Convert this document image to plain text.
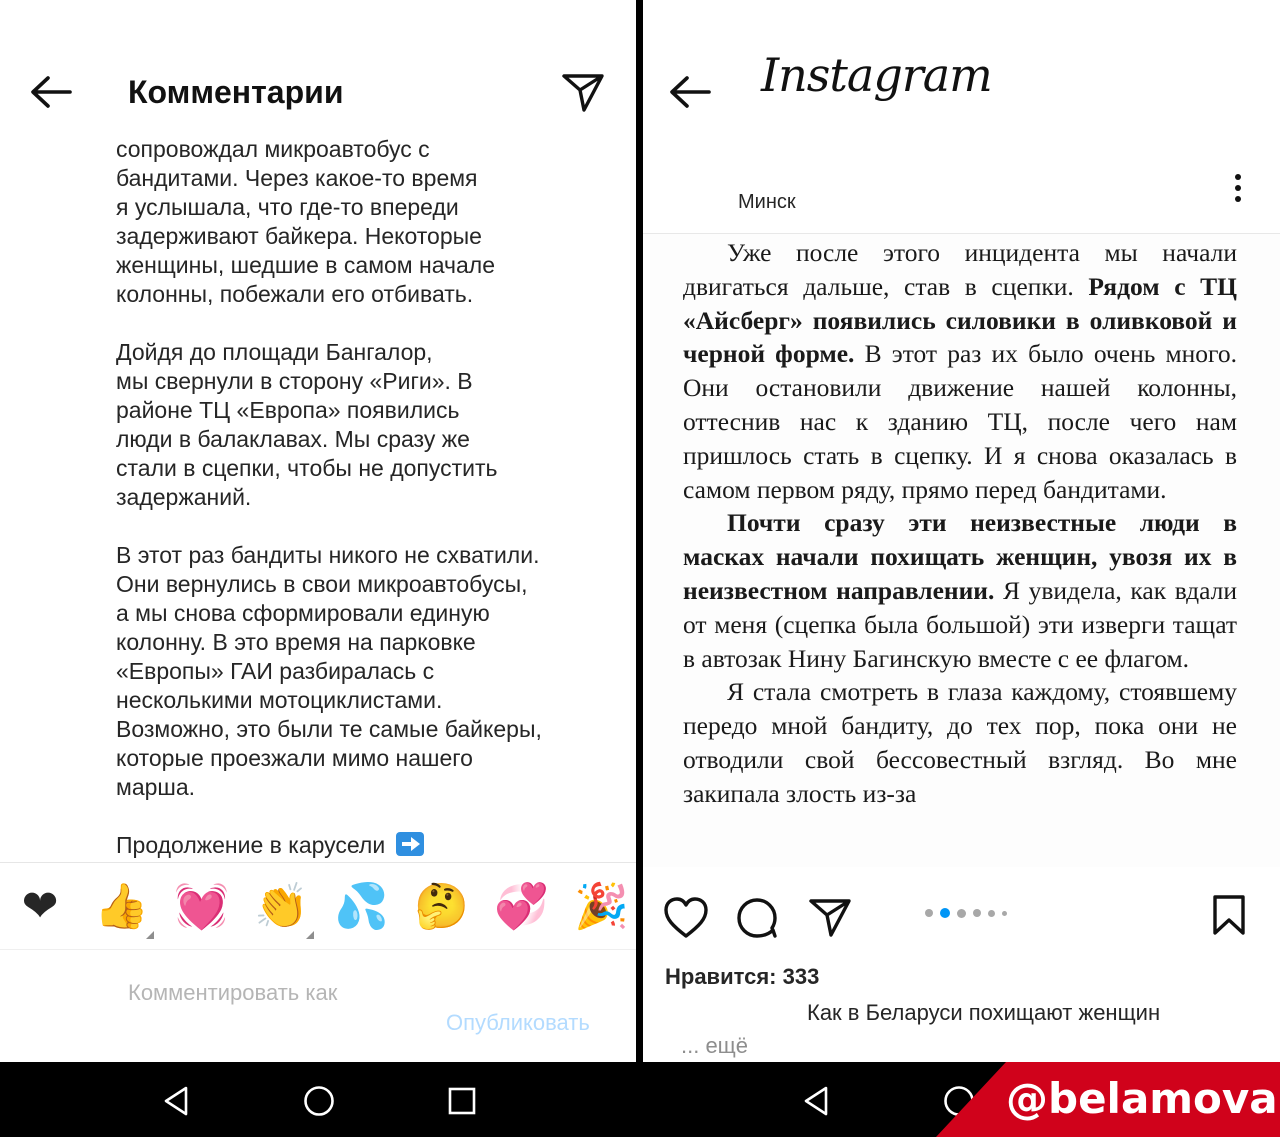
Комментарии

сопровождал микроавтобус с
бандитами. Через какое-то время
я услышала, что где-то впереди
задерживают байкера. Некоторые
женщины, шедшие в самом начале
колонны, побежали его отбивать.

Дойдя до площади Бангалор,
мы свернули в сторону «Риги». В
районе ТЦ «Европа» появились
люди в балаклавах. Мы сразу же
стали в сцепки, чтобы не допустить
задержаний.

В этот раз бандиты никого не схватили.
Они вернулись в свои микроавтобусы,
а мы снова сформировали единую
колонну. В это время на парковке
«Европы» ГАИ разбиралась с
несколькими мотоциклистами.
Возможно, это были те самые байкеры,
которые проезжали мимо нашего
марша.

Продолжение в карусели

❤ 👍 💓 👏 💦 🤔 💞 🎉
Комментировать как
Опубликовать
Instagram
Минск

Уже после этого инцидента мы начали двигаться дальше, став в сцепки. Рядом с ТЦ «Айсберг» появились силовики в оливковой и черной форме. В этот раз их было очень много. Они остановили движение нашей колонны, оттеснив нас к зданию ТЦ, после чего нам пришлось стать в сцепку. И я снова оказалась в самом первом ряду, прямо перед бандитами.

Почти сразу эти неизвестные люди в масках начали похищать женщин, увозя их в неизвестном направлении. Я увидела, как вдали от меня (сцепка была большой) эти изверги тащат в автозак Нину Багинскую вместе с ее флагом.

Я стала смотреть в глаза каждому, стоявшему передо мной бандиту, до тех пор, пока они не отводили свой бессовестный взгляд. Во мне закипала злость из-за

Нравится: 333
Как в Беларуси похищают женщин
... ещё
@belamova
